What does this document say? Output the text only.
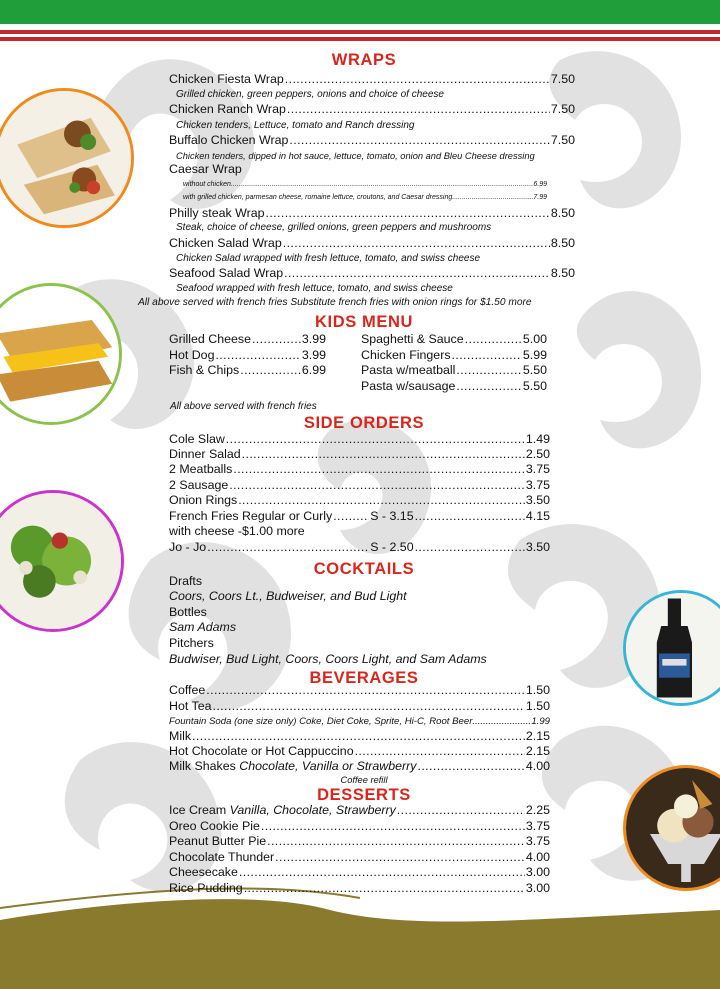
WRAPS
Chicken Fiesta Wrap .....	7.50
Grilled chicken, green peppers, onions and choice of cheese
Chicken Ranch Wrap .....	7.50
Chicken tenders, Lettuce, tomato and Ranch dressing
Buffalo Chicken Wrap .....	7.50
Chicken tenders, dipped in hot sauce, lettuce, tomato, onion and Bleu Cheese dressing
Caesar Wrap
without chicken .....	6.99
with grilled chicken, parmesan cheese, romaine lettuce, croutons, and Caesar dressing .....	7.99
Philly steak Wrap .....	8.50
Steak, choice of cheese, grilled onions, green peppers and mushrooms
Chicken Salad Wrap .....	8.50
Chicken Salad wrapped with fresh lettuce, tomato, and swiss cheese
Seafood Salad Wrap .....	8.50
Seafood wrapped with fresh lettuce, tomato, and swiss cheese
All above served with french fries Substitute french fries with onion rings for $1.50 more
KIDS MENU
Grilled Cheese .....	3.99
Hot Dog .....	3.99
Fish & Chips .....	6.99
Spaghetti & Sauce .....	5.00
Chicken Fingers .....	5.99
Pasta w/meatball .....	5.50
Pasta w/sausage .....	5.50
All above served with french fries
SIDE ORDERS
Cole Slaw .....	1.49
Dinner Salad .....	2.50
2 Meatballs .....	3.75
2 Sausage .....	3.75
Onion Rings .....	3.50
French Fries Regular or Curly .....	S - 3.15 .....	4.15
with cheese -$1.00 more
Jo - Jo .....	S - 2.50 .....	3.50
COCKTAILS
Drafts
Coors, Coors Lt., Budweiser, and Bud Light
Bottles
Sam Adams
Pitchers
Budwiser, Bud Light, Coors, Coors Light, and Sam Adams
BEVERAGES
Coffee .....	1.50
Hot Tea .....	1.50
Fountain Soda (one size only) Coke, Diet Coke, Sprite, Hi-C, Root Beer .....	1.99
Milk .....	2.15
Hot Chocolate or Hot Cappuccino .....	2.15
Milk Shakes Chocolate, Vanilla or Strawberry .....	4.00
Coffee refill
DESSERTS
Ice Cream Vanilla, Chocolate, Strawberry .....	2.25
Oreo Cookie Pie .....	3.75
Peanut Butter Pie .....	3.75
Chocolate Thunder .....	4.00
Cheesecake .....	3.00
Rice Pudding .....	3.00
